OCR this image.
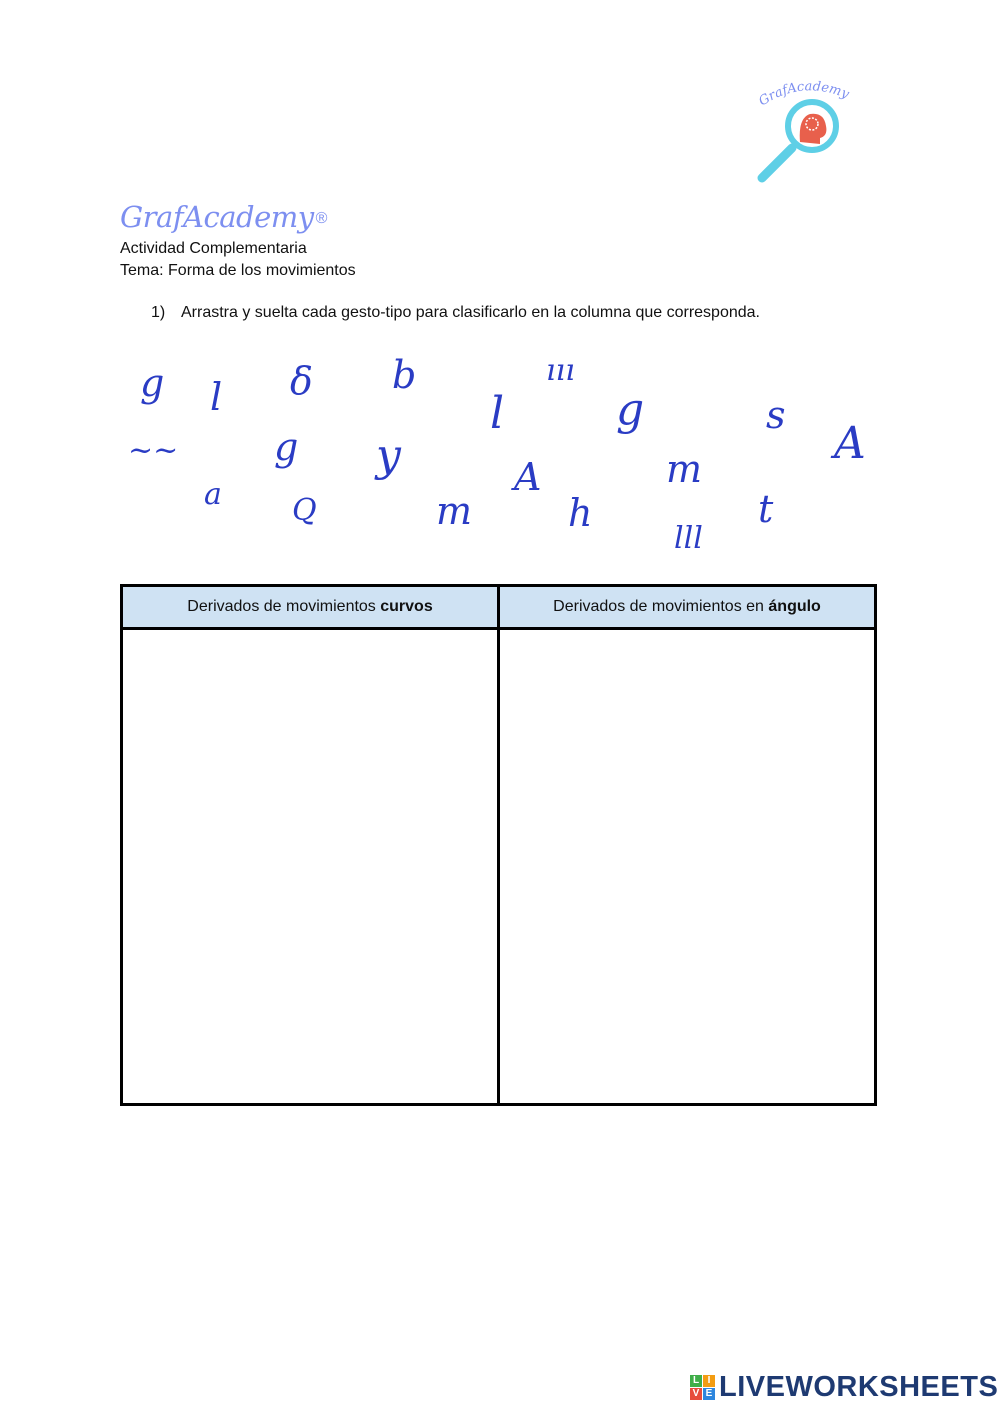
GrafAcademy
GrafAcademy ®
Actividad Complementaria
Tema: Forma de los movimientos
1) Arrastra y suelta cada gesto-tipo para clasificarlo en la columna que corresponda.
g l δ b
l
ııı
g	s
A
~~	g y	A	m
a Q	m	h
lll
t
Derivados de movimientos curvos	Derivados de movimientos en ángulo

L I
V E LIVEWORKSHEETS
